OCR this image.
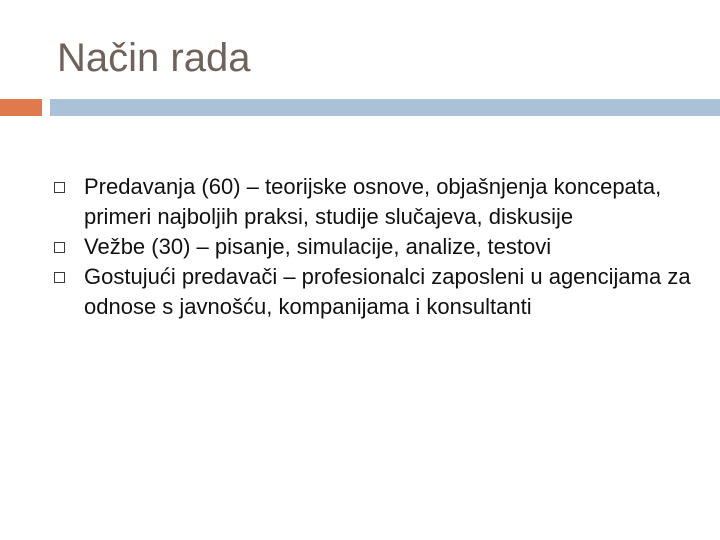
Način rada
Predavanja (60) – teorijske osnove, objašnjenja koncepata, primeri najboljih praksi, studije slučajeva, diskusije
Vežbe (30) – pisanje, simulacije, analize, testovi
Gostujući predavači – profesionalci zaposleni u agencijama za odnose s javnošću, kompanijama i konsultanti
